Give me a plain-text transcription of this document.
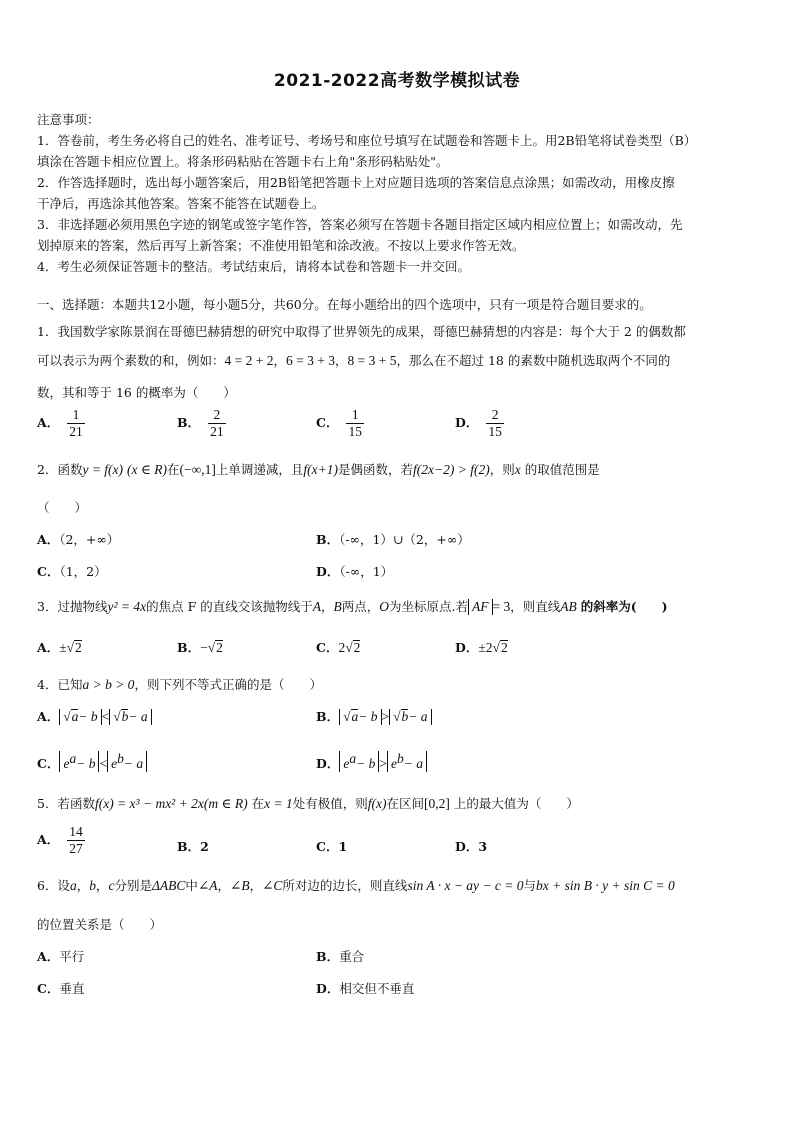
2021-2022高考数学模拟试卷
注意事项：
1．答卷前，考生务必将自己的姓名、准考证号、考场号和座位号填写在试题卷和答题卡上。用2B铅笔将试卷类型（B）
填涂在答题卡相应位置上。将条形码粘贴在答题卡右上角"条形码粘贴处"。
2．作答选择题时，选出每小题答案后，用2B铅笔把答题卡上对应题目选项的答案信息点涂黑；如需改动，用橡皮擦
干净后，再选涂其他答案。答案不能答在试题卷上。
3．非选择题必须用黑色字迹的钢笔或签字笔作答，答案必须写在答题卡各题目指定区域内相应位置上；如需改动，先
划掉原来的答案，然后再写上新答案；不准使用铅笔和涂改液。不按以上要求作答无效。
4．考生必须保证答题卡的整洁。考试结束后，请将本试卷和答题卡一并交回。
一、选择题：本题共12小题，每小题5分，共60分。在每小题给出的四个选项中，只有一项是符合题目要求的。
1．我国数学家陈景润在哥德巴赫猜想的研究中取得了世界领先的成果，哥德巴赫猜想的内容是：每个大于 2 的偶数都
可以表示为两个素数的和，例如：4 = 2 + 2，6 = 3 + 3，8 = 3 + 5，那么在不超过 18 的素数中随机选取两个不同的
数，其和等于 16 的概率为（　　）
A． $\frac{1}{21}$	B． $\frac{2}{21}$	C． $\frac{1}{15}$	D． $\frac{2}{15}$
2．函数y = f(x) (x ∈ R)在(−∞,1]上单调递减，且f(x+1)是偶函数，若f(2x−2) > f(2)，则x 的取值范围是
（　　）
A．（2，+∞）	B．（-∞，1）∪（2，+∞）
C．（1，2）	D．（-∞，1）
3．过抛物线y² = 4x的焦点 F 的直线交该抛物线于A，B两点，O为坐标原点.若 AF = 3，则直线AB 的斜率为(　　)
A．±√2	B．−√2	C．2√2	D．±2√2
4．已知a > b > 0，则下列不等式正确的是（　　）
A． √a− b < √b− a	B． √a− b > √b− a
C． $e^a- b < e^b- a$	D． $e^a- b > e^b- a$
5．若函数f(x) = x³ − mx² + 2x(m ∈ R) 在x = 1处有极值，则f(x)在区间[0,2] 上的最大值为（　　）
A． $\frac{14}{27}$	B．2	C．1	D．3
6．设a，b，c分别是ΔABC中∠A，∠B，∠C所对边的边长，则直线sin A · x − ay − c = 0与bx + sin B · y + sin C = 0
的位置关系是（　　）
A．平行	B．重合
C．垂直	D．相交但不垂直
